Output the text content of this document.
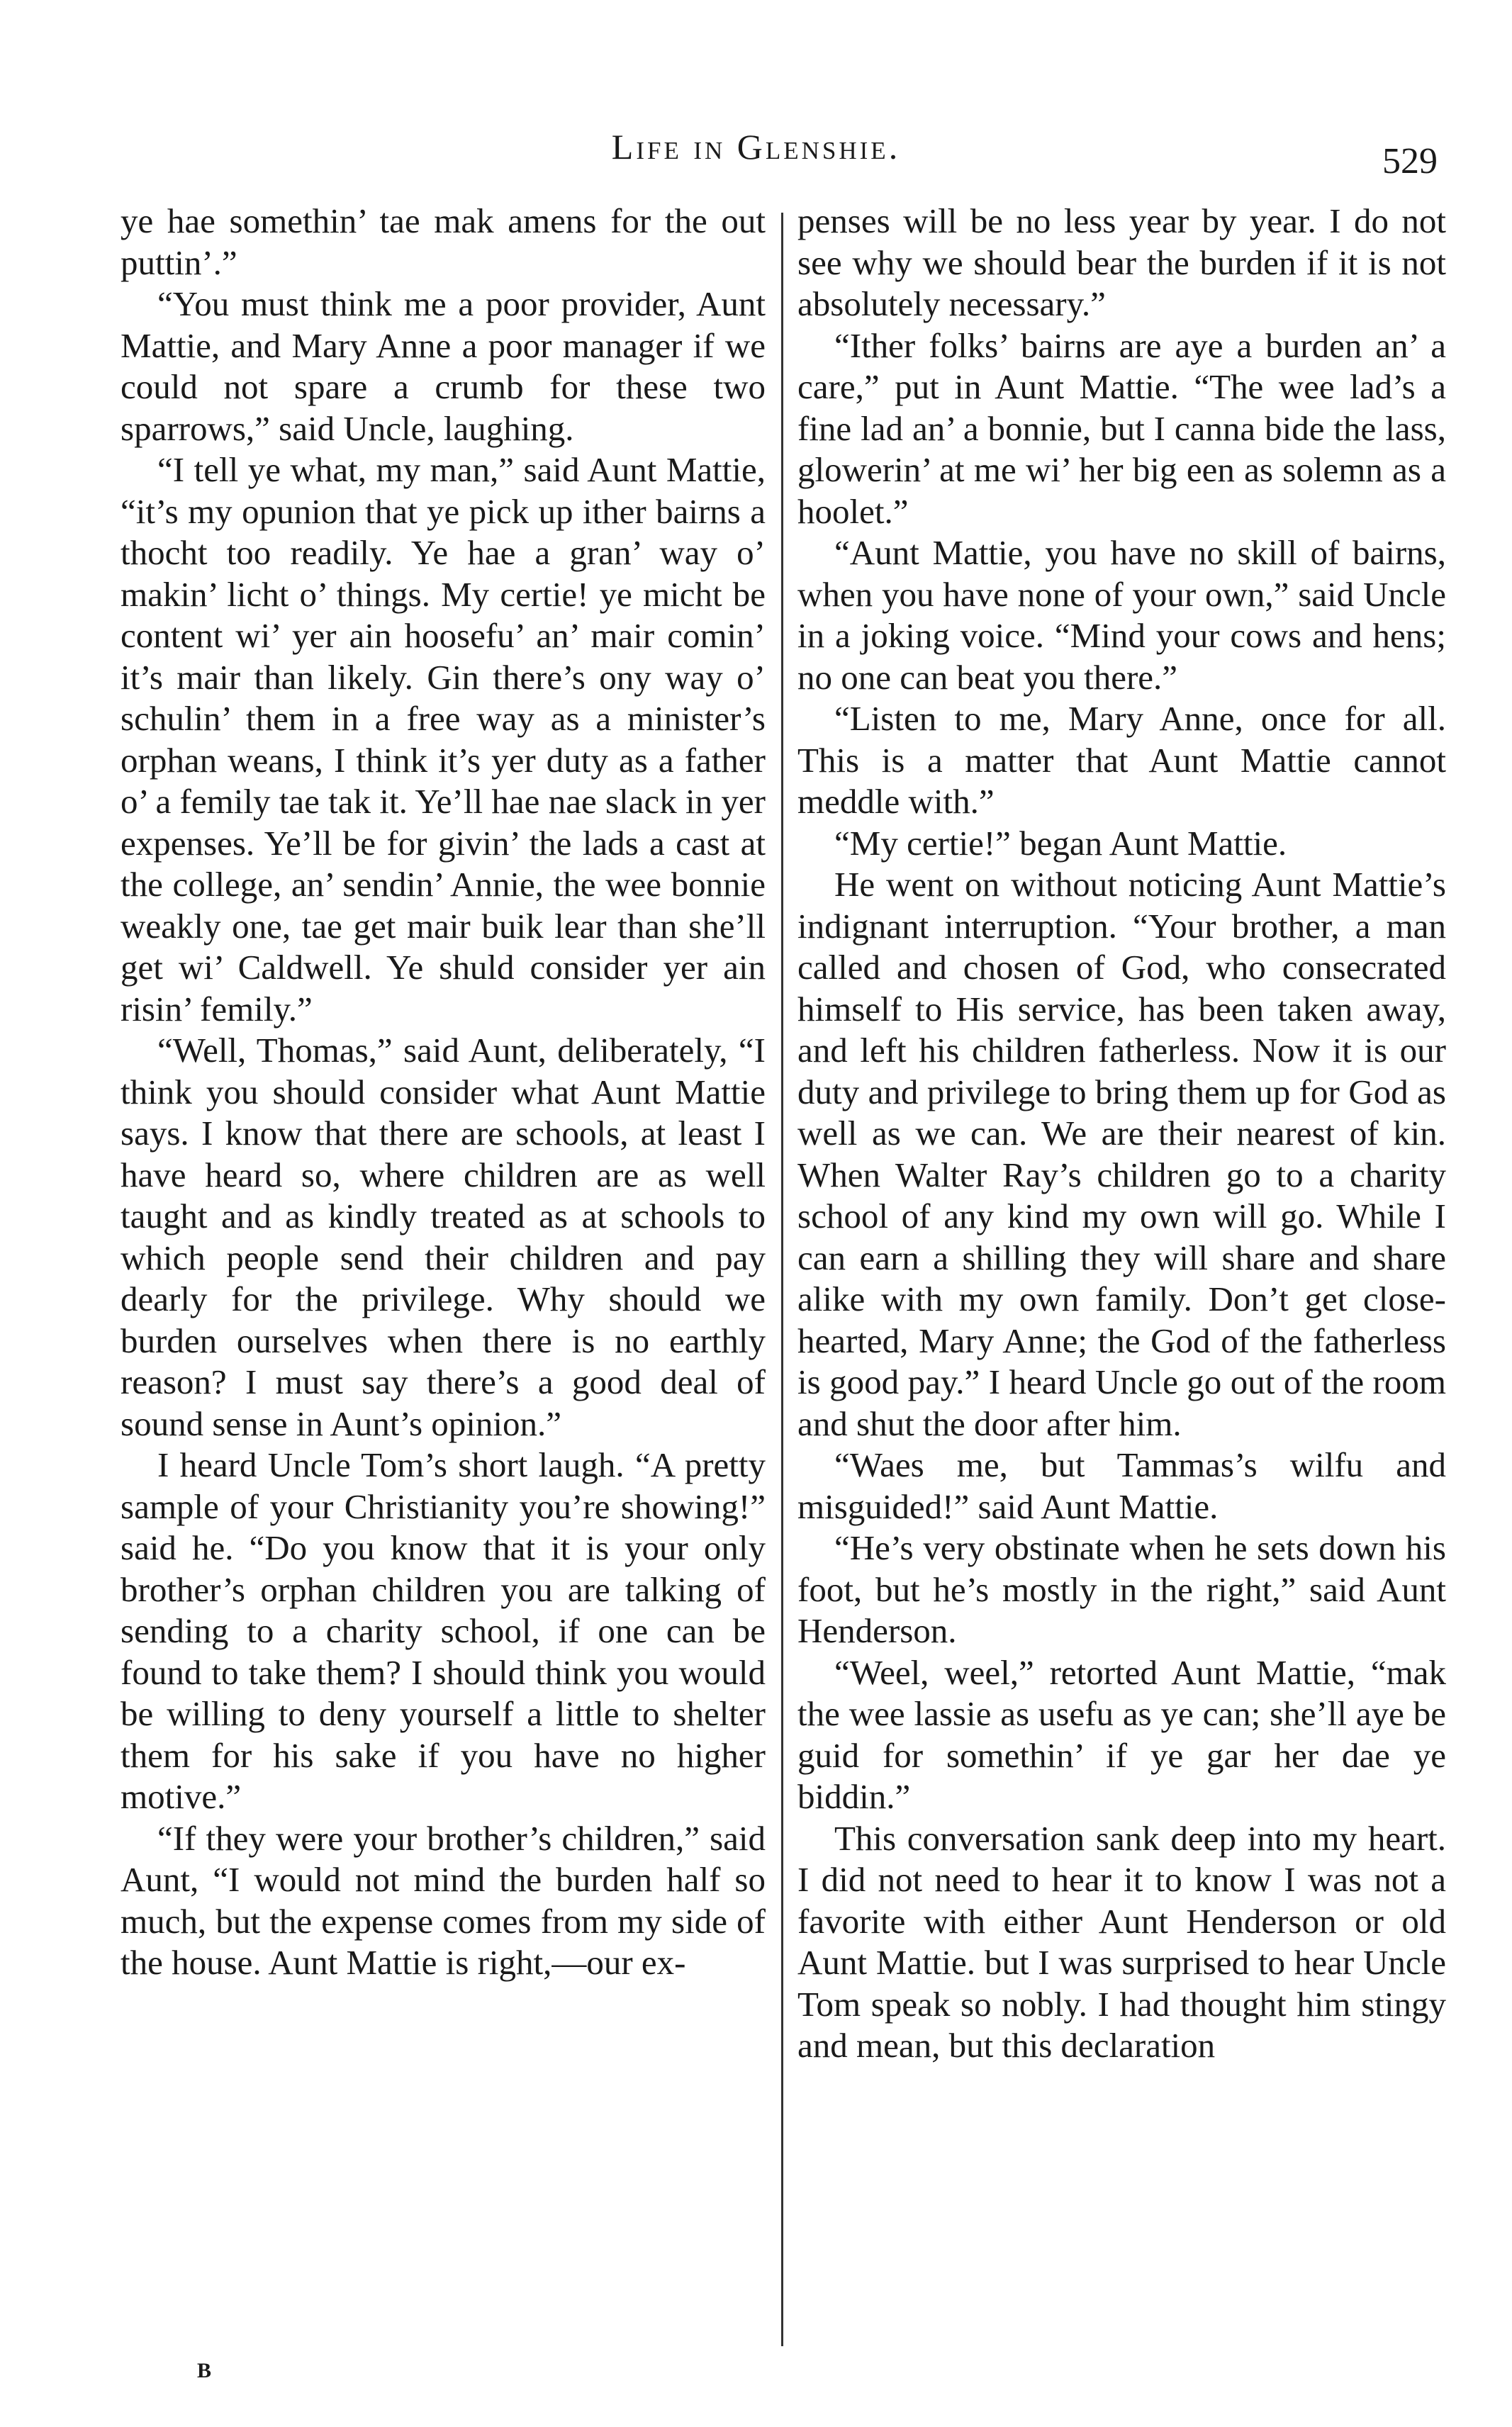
Life in Glenshie.	529

ye hae somethin’ tae mak amens for the out puttin’.”

“You must think me a poor provider, Aunt Mattie, and Mary Anne a poor manager if we could not spare a crumb for these two sparrows,” said Uncle, laughing.

“I tell ye what, my man,” said Aunt Mattie, “it’s my opunion that ye pick up ither bairns a thocht too readily. Ye hae a gran’ way o’ makin’ licht o’ things. My certie! ye micht be content wi’ yer ain hoosefu’ an’ mair comin’ it’s mair than likely. Gin there’s ony way o’ schulin’ them in a free way as a minister’s orphan weans, I think it’s yer duty as a father o’ a femily tae tak it. Ye’ll hae nae slack in yer expenses. Ye’ll be for givin’ the lads a cast at the college, an’ sendin’ Annie, the wee bonnie weakly one, tae get mair buik lear than she’ll get wi’ Caldwell. Ye shuld consider yer ain risin’ femily.”

“Well, Thomas,” said Aunt, deliberately, “I think you should consider what Aunt Mattie says. I know that there are schools, at least I have heard so, where children are as well taught and as kindly treated as at schools to which people send their children and pay dearly for the privilege. Why should we burden ourselves when there is no earthly reason? I must say there’s a good deal of sound sense in Aunt’s opinion.”

I heard Uncle Tom’s short laugh. “A pretty sample of your Christianity you’re showing!” said he. “Do you know that it is your only brother’s orphan children you are talking of sending to a charity school, if one can be found to take them? I should think you would be willing to deny yourself a little to shelter them for his sake if you have no higher motive.”

“If they were your brother’s children,” said Aunt, “I would not mind the burden half so much, but the expense comes from my side of the house. Aunt Mattie is right,—our ex-

penses will be no less year by year. I do not see why we should bear the burden if it is not absolutely necessary.”

“Ither folks’ bairns are aye a burden an’ a care,” put in Aunt Mattie. “The wee lad’s a fine lad an’ a bonnie, but I canna bide the lass, glowerin’ at me wi’ her big een as solemn as a hoolet.”

“Aunt Mattie, you have no skill of bairns, when you have none of your own,” said Uncle in a joking voice. “Mind your cows and hens; no one can beat you there.”

“Listen to me, Mary Anne, once for all. This is a matter that Aunt Mattie cannot meddle with.”

“My certie!” began Aunt Mattie.

He went on without noticing Aunt Mattie’s indignant interruption. “Your brother, a man called and chosen of God, who consecrated himself to His service, has been taken away, and left his children fatherless. Now it is our duty and privilege to bring them up for God as well as we can. We are their nearest of kin. When Walter Ray’s children go to a charity school of any kind my own will go. While I can earn a shilling they will share and share alike with my own family. Don’t get close-hearted, Mary Anne; the God of the fatherless is good pay.” I heard Uncle go out of the room and shut the door after him.

“Waes me, but Tammas’s wilfu and misguided!” said Aunt Mattie.

“He’s very obstinate when he sets down his foot, but he’s mostly in the right,” said Aunt Henderson.

“Weel, weel,” retorted Aunt Mattie, “mak the wee lassie as usefu as ye can; she’ll aye be guid for somethin’ if ye gar her dae ye biddin.”

This conversation sank deep into my heart. I did not need to hear it to know I was not a favorite with either Aunt Henderson or old Aunt Mattie. but I was surprised to hear Uncle Tom speak so nobly. I had thought him stingy and mean, but this declaration

B
